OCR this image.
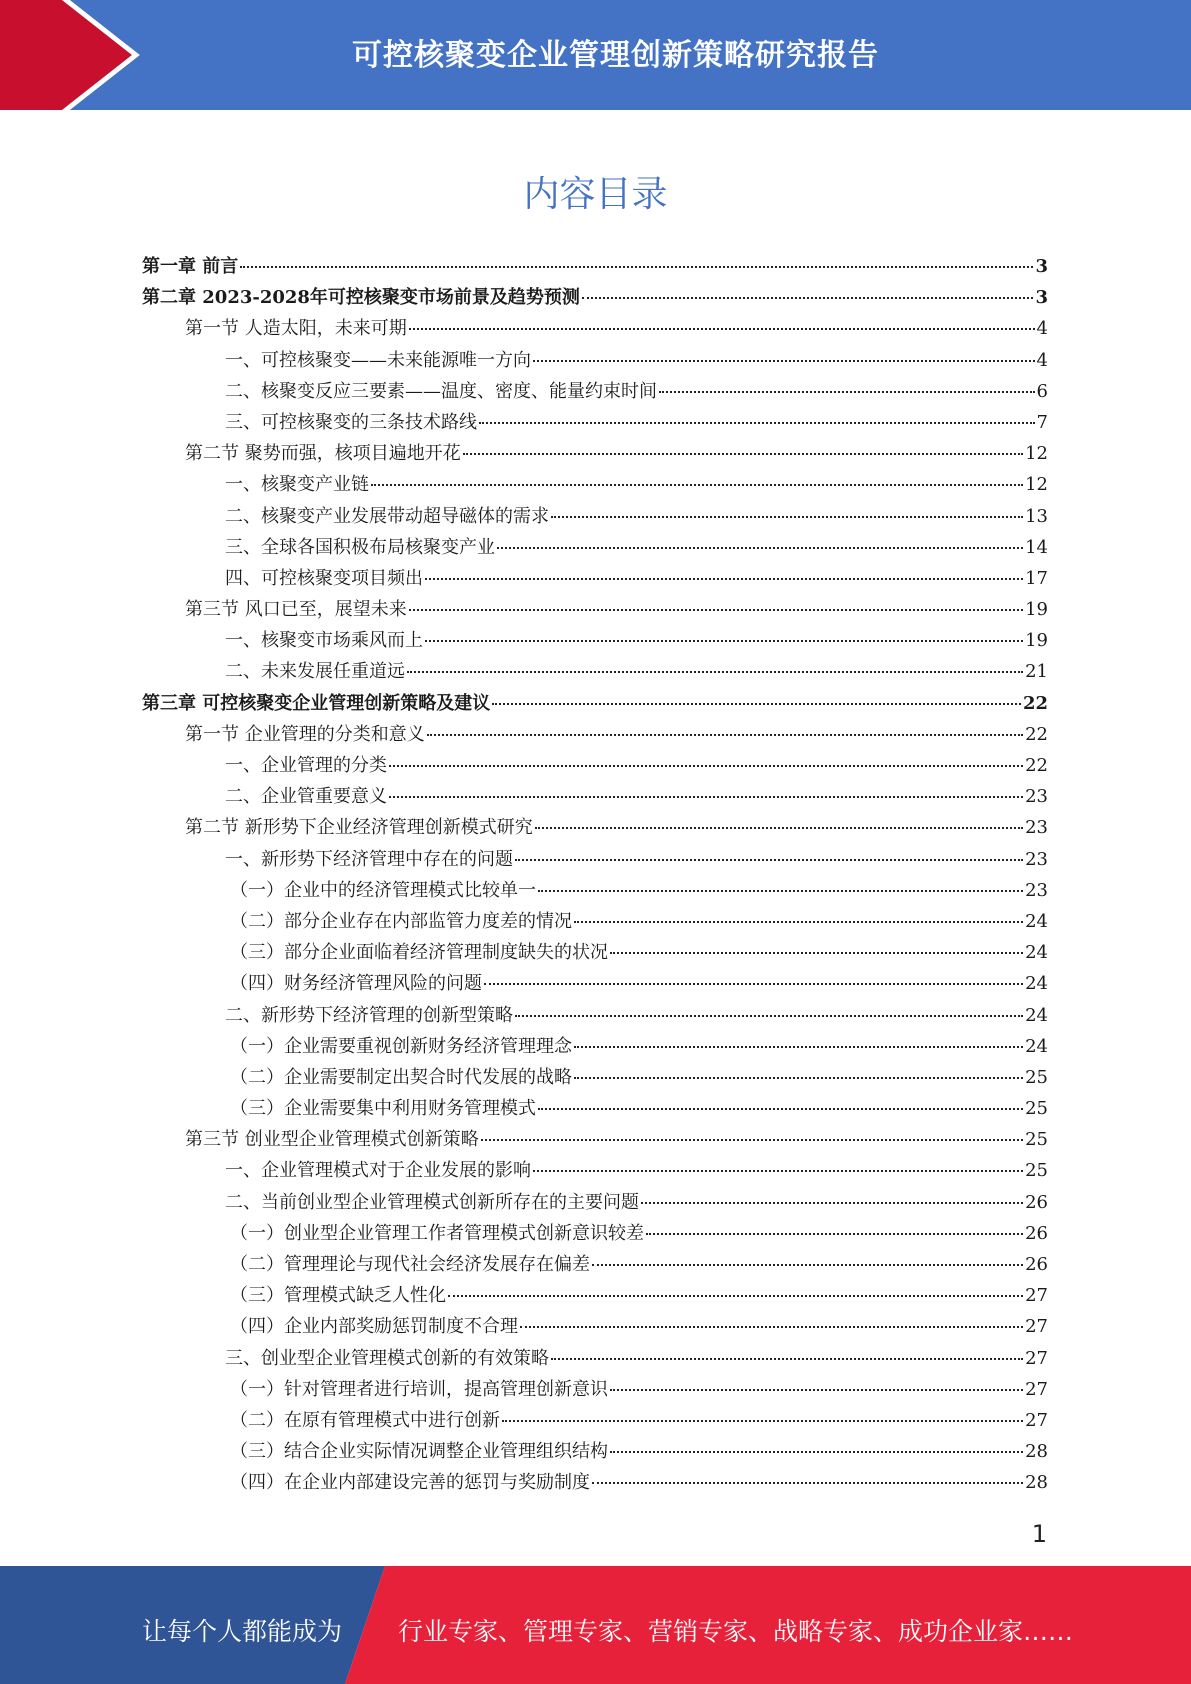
可控核聚变企业管理创新策略研究报告
内容目录
第一章 前言	3
第二章 2023-2028年可控核聚变市场前景及趋势预测	3
第一节 人造太阳，未来可期	4
一、可控核聚变——未来能源唯一方向	4
二、核聚变反应三要素——温度、密度、能量约束时间	6
三、可控核聚变的三条技术路线	7
第二节 聚势而强，核项目遍地开花	12
一、核聚变产业链	12
二、核聚变产业发展带动超导磁体的需求	13
三、全球各国积极布局核聚变产业	14
四、可控核聚变项目频出	17
第三节 风口已至，展望未来	19
一、核聚变市场乘风而上	19
二、未来发展任重道远	21
第三章 可控核聚变企业管理创新策略及建议	22
第一节 企业管理的分类和意义	22
一、企业管理的分类	22
二、企业管重要意义	23
第二节 新形势下企业经济管理创新模式研究	23
一、新形势下经济管理中存在的问题	23
（一）企业中的经济管理模式比较单一	23
（二）部分企业存在内部监管力度差的情况	24
（三）部分企业面临着经济管理制度缺失的状况	24
（四）财务经济管理风险的问题	24
二、新形势下经济管理的创新型策略	24
（一）企业需要重视创新财务经济管理理念	24
（二）企业需要制定出契合时代发展的战略	25
（三）企业需要集中利用财务管理模式	25
第三节 创业型企业管理模式创新策略	25
一、企业管理模式对于企业发展的影响	25
二、当前创业型企业管理模式创新所存在的主要问题	26
（一）创业型企业管理工作者管理模式创新意识较差	26
（二）管理理论与现代社会经济发展存在偏差	26
（三）管理模式缺乏人性化	27
（四）企业内部奖励惩罚制度不合理	27
三、创业型企业管理模式创新的有效策略	27
（一）针对管理者进行培训，提高管理创新意识	27
（二）在原有管理模式中进行创新	27
（三）结合企业实际情况调整企业管理组织结构	28
（四）在企业内部建设完善的惩罚与奖励制度	28
1
让每个人都能成为 行业专家、管理专家、营销专家、战略专家、成功企业家……
